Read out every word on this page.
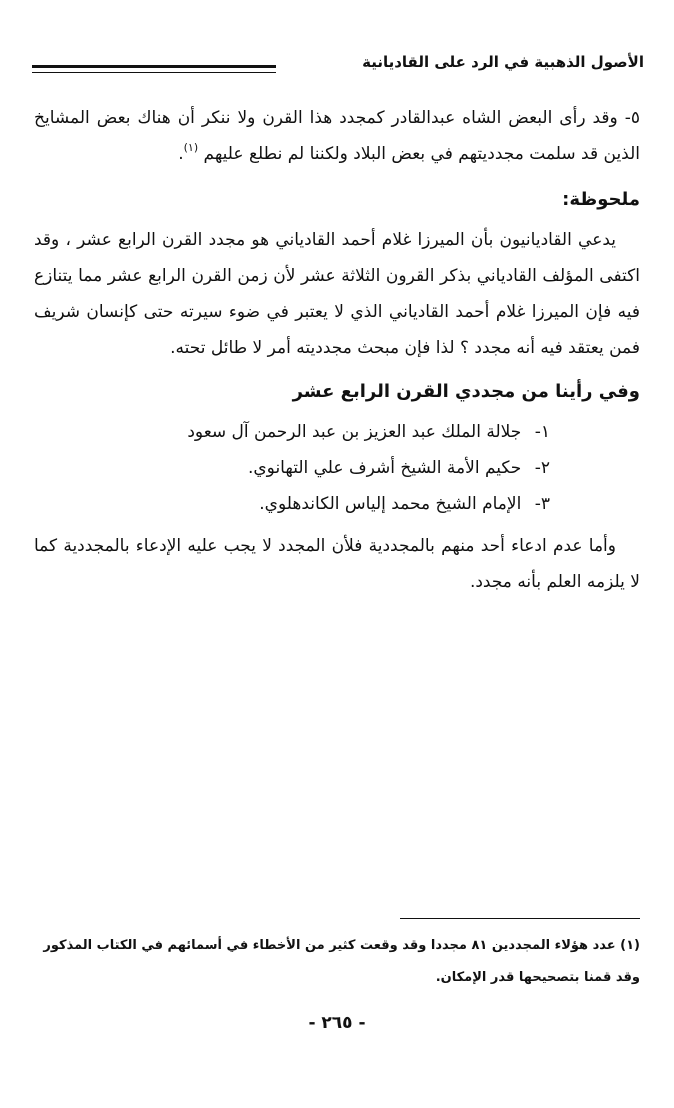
الأصول الذهبية في الرد على القاديانية

٥- وقد رأى البعض الشاه عبدالقادر كمجدد هذا القرن ولا ننكر أن هناك بعض المشايخ الذين قد سلمت مجدديتهم في بعض البلاد ولكننا لم نطلع عليهم $^{(١)}$.

ملحوظة:

يدعي القاديانيون بأن الميرزا غلام أحمد القادياني هو مجدد القرن الرابع عشر ، وقد اكتفى المؤلف القادياني بذكر القرون الثلاثة عشر لأن زمن القرن الرابع عشر مما يتنازع فيه فإن الميرزا غلام أحمد القادياني الذي لا يعتبر في ضوء سيرته حتى كإنسان شريف فمن يعتقد فيه أنه مجدد ؟ لذا فإن مبحث مجدديته أمر لا طائل تحته.

وفي رأينا من مجددي القرن الرابع عشر
١- جلالة الملك عبد العزيز بن عبد الرحمن آل سعود
٢- حكيم الأمة الشيخ أشرف علي التهانوي.
٣- الإمام الشيخ محمد إلياس الكاندهلوي.

وأما عدم ادعاء أحد منهم بالمجددية فلأن المجدد لا يجب عليه الإدعاء بالمجددية كما لا يلزمه العلم بأنه مجدد.

(١) عدد هؤلاء المجددين ٨١ مجددا وقد وقعت كثير من الأخطاء في أسمائهم في الكتاب المذكور وقد قمنا بتصحيحها قدر الإمكان.
- ٢٦٥ -
